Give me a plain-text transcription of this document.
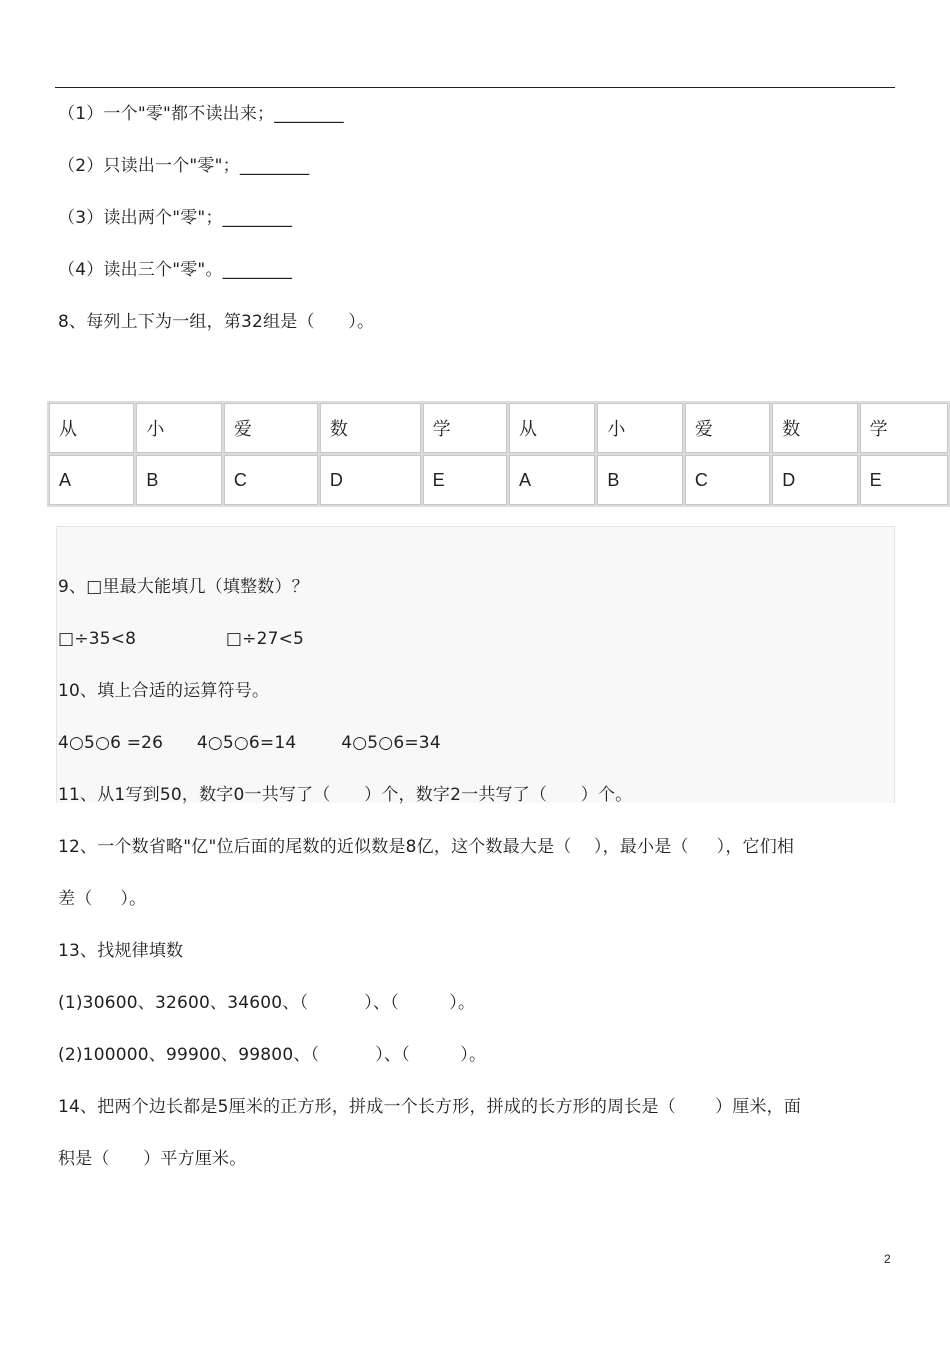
（1）一个"零"都不读出来；________
（2）只读出一个"零"；________
（3）读出两个"零"；________
（4）读出三个"零"。________
8、每列上下为一组，第32组是（      ）。
从	小	爱	数	学	从	小	爱	数	学
A	B	C	D	E	A	B	C	D	E
9、□里最大能填几（填整数）？
□÷35<8                □÷27<5
10、填上合适的运算符号。
4○5○6 =26      4○5○6=14        4○5○6=34
11、从1写到50，数字0一共写了（      ）个，数字2一共写了（      ）个。
12、一个数省略"亿"位后面的尾数的近似数是8亿，这个数最大是（    ），最小是（     ），它们相
差（     ）。
13、找规律填数
(1)30600、32600、34600、（          ）、（         ）。
(2)100000、99900、99800、（          ）、（         ）。
14、把两个边长都是5厘米的正方形，拼成一个长方形，拼成的长方形的周长是（       ）厘米，面
积是（      ）平方厘米。
2
